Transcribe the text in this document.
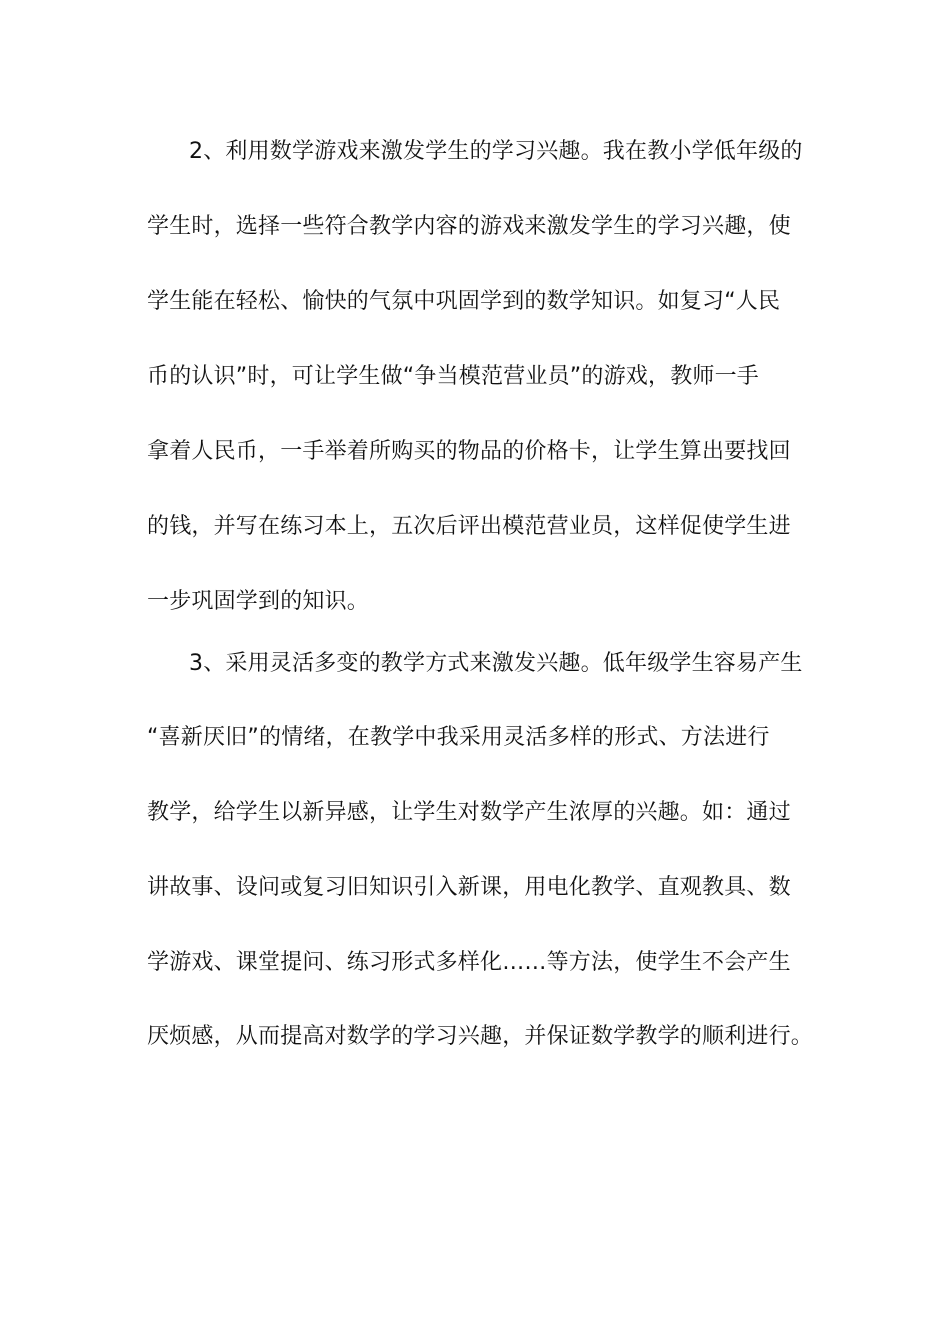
2、利用数学游戏来激发学生的学习兴趣。我在教小学低年级的
学生时，选择一些符合教学内容的游戏来激发学生的学习兴趣，使
学生能在轻松、愉快的气氛中巩固学到的数学知识。如复习“人民
币的认识”时，可让学生做“争当模范营业员”的游戏，教师一手
拿着人民币，一手举着所购买的物品的价格卡，让学生算出要找回
的钱，并写在练习本上，五次后评出模范营业员，这样促使学生进
一步巩固学到的知识。
3、采用灵活多变的教学方式来激发兴趣。低年级学生容易产生
“喜新厌旧”的情绪，在教学中我采用灵活多样的形式、方法进行
教学，给学生以新异感，让学生对数学产生浓厚的兴趣。如：通过
讲故事、设问或复习旧知识引入新课，用电化教学、直观教具、数
学游戏、课堂提问、练习形式多样化……等方法，使学生不会产生
厌烦感，从而提高对数学的学习兴趣，并保证数学教学的顺利进行。
